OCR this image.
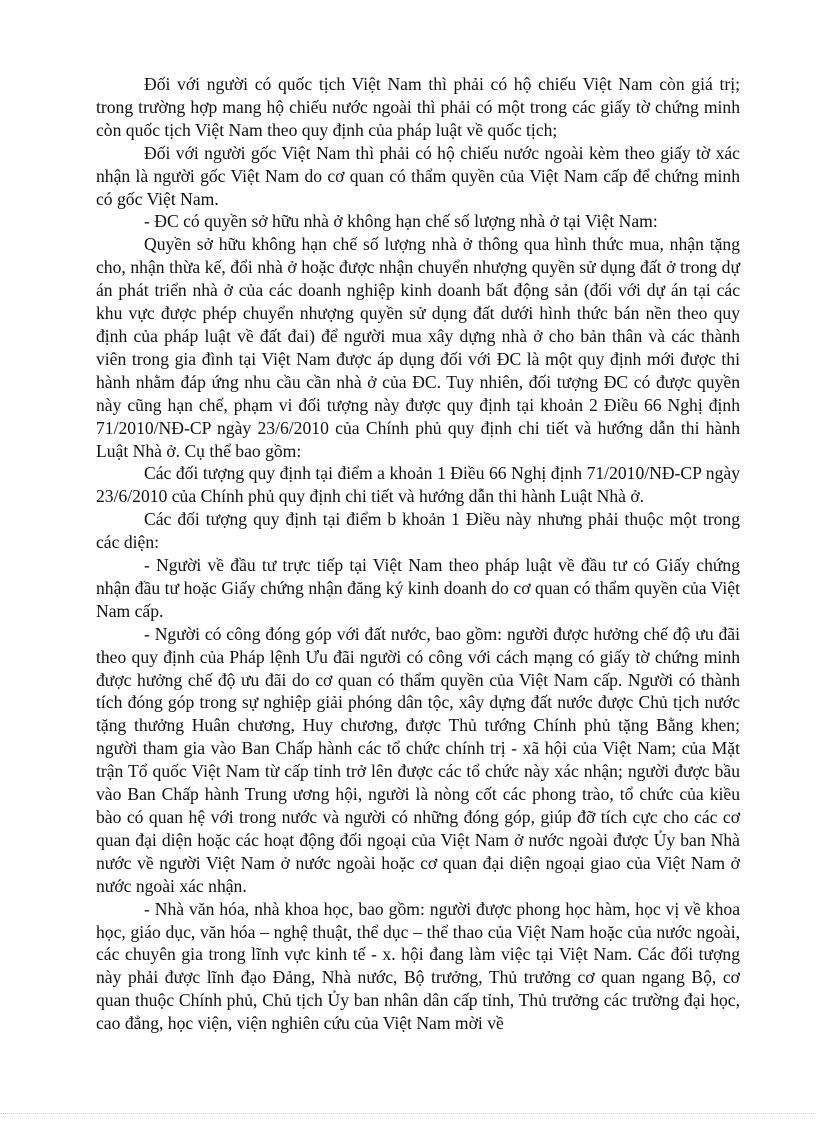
Đối với người có quốc tịch Việt Nam thì phải có hộ chiếu Việt Nam còn giá trị; trong trường hợp mang hộ chiếu nước ngoài thì phải có một trong các giấy tờ chứng minh còn quốc tịch Việt Nam theo quy định của pháp luật về quốc tịch;

Đối với người gốc Việt Nam thì phải có hộ chiếu nước ngoài kèm theo giấy tờ xác nhận là người gốc Việt Nam do cơ quan có thẩm quyền của Việt Nam cấp để chứng minh có gốc Việt Nam.

- ĐC có quyền sở hữu nhà ở không hạn chế số lượng nhà ở tại Việt Nam:

Quyền sở hữu không hạn chế số lượng nhà ở thông qua hình thức mua, nhận tặng cho, nhận thừa kế, đổi nhà ở hoặc được nhận chuyển nhượng quyền sử dụng đất ở trong dự án phát triển nhà ở của các doanh nghiệp kinh doanh bất động sản (đối với dự án tại các khu vực được phép chuyển nhượng quyền sử dụng đất dưới hình thức bán nền theo quy định của pháp luật về đất đai) để người mua xây dựng nhà ở cho bản thân và các thành viên trong gia đình tại Việt Nam được áp dụng đối với ĐC là một quy định mới được thi hành nhằm đáp ứng nhu cầu cần nhà ở của ĐC. Tuy nhiên, đối tượng ĐC có được quyền này cũng hạn chế, phạm vi đối tượng này được quy định tại khoản 2 Điều 66 Nghị định 71/2010/NĐ-CP ngày 23/6/2010 của Chính phủ quy định chi tiết và hướng dẫn thi hành Luật Nhà ở. Cụ thể bao gồm:

Các đối tượng quy định tại điểm a khoản 1 Điều 66 Nghị định 71/2010/NĐ-CP ngày 23/6/2010 của Chính phủ quy định chi tiết và hướng dẫn thi hành Luật Nhà ở.

Các đối tượng quy định tại điểm b khoản 1 Điều này nhưng phải thuộc một trong các diện:

- Người về đầu tư trực tiếp tại Việt Nam theo pháp luật về đầu tư có Giấy chứng nhận đầu tư hoặc Giấy chứng nhận đăng ký kinh doanh do cơ quan có thẩm quyền của Việt Nam cấp.

- Người có công đóng góp với đất nước, bao gồm: người được hưởng chế độ ưu đãi theo quy định của Pháp lệnh Ưu đãi người có công với cách mạng có giấy tờ chứng minh được hưởng chế độ ưu đãi do cơ quan có thẩm quyền của Việt Nam cấp. Người có thành tích đóng góp trong sự nghiệp giải phóng dân tộc, xây dựng đất nước được Chủ tịch nước tặng thưởng Huân chương, Huy chương, được Thủ tướng Chính phủ tặng Bằng khen; người tham gia vào Ban Chấp hành các tổ chức chính trị - xã hội của Việt Nam; của Mặt trận Tổ quốc Việt Nam từ cấp tỉnh trở lên được các tổ chức này xác nhận; người được bầu vào Ban Chấp hành Trung ương hội, người là nòng cốt các phong trào, tổ chức của kiều bào có quan hệ với trong nước và người có những đóng góp, giúp đỡ tích cực cho các cơ quan đại diện hoặc các hoạt động đối ngoại của Việt Nam ở nước ngoài được Ủy ban Nhà nước về người Việt Nam ở nước ngoài hoặc cơ quan đại diện ngoại giao của Việt Nam ở nước ngoài xác nhận.

- Nhà văn hóa, nhà khoa học, bao gồm: người được phong học hàm, học vị về khoa học, giáo dục, văn hóa – nghệ thuật, thể dục – thể thao của Việt Nam hoặc của nước ngoài, các chuyên gia trong lĩnh vực kinh tế - x. hội đang làm việc tại Việt Nam. Các đối tượng này phải được lĩnh đạo Đảng, Nhà nước, Bộ trưởng, Thủ trưởng cơ quan ngang Bộ, cơ quan thuộc Chính phủ, Chủ tịch Ủy ban nhân dân cấp tỉnh, Thủ trưởng các trường đại học, cao đẳng, học viện, viện nghiên cứu của Việt Nam mời về
